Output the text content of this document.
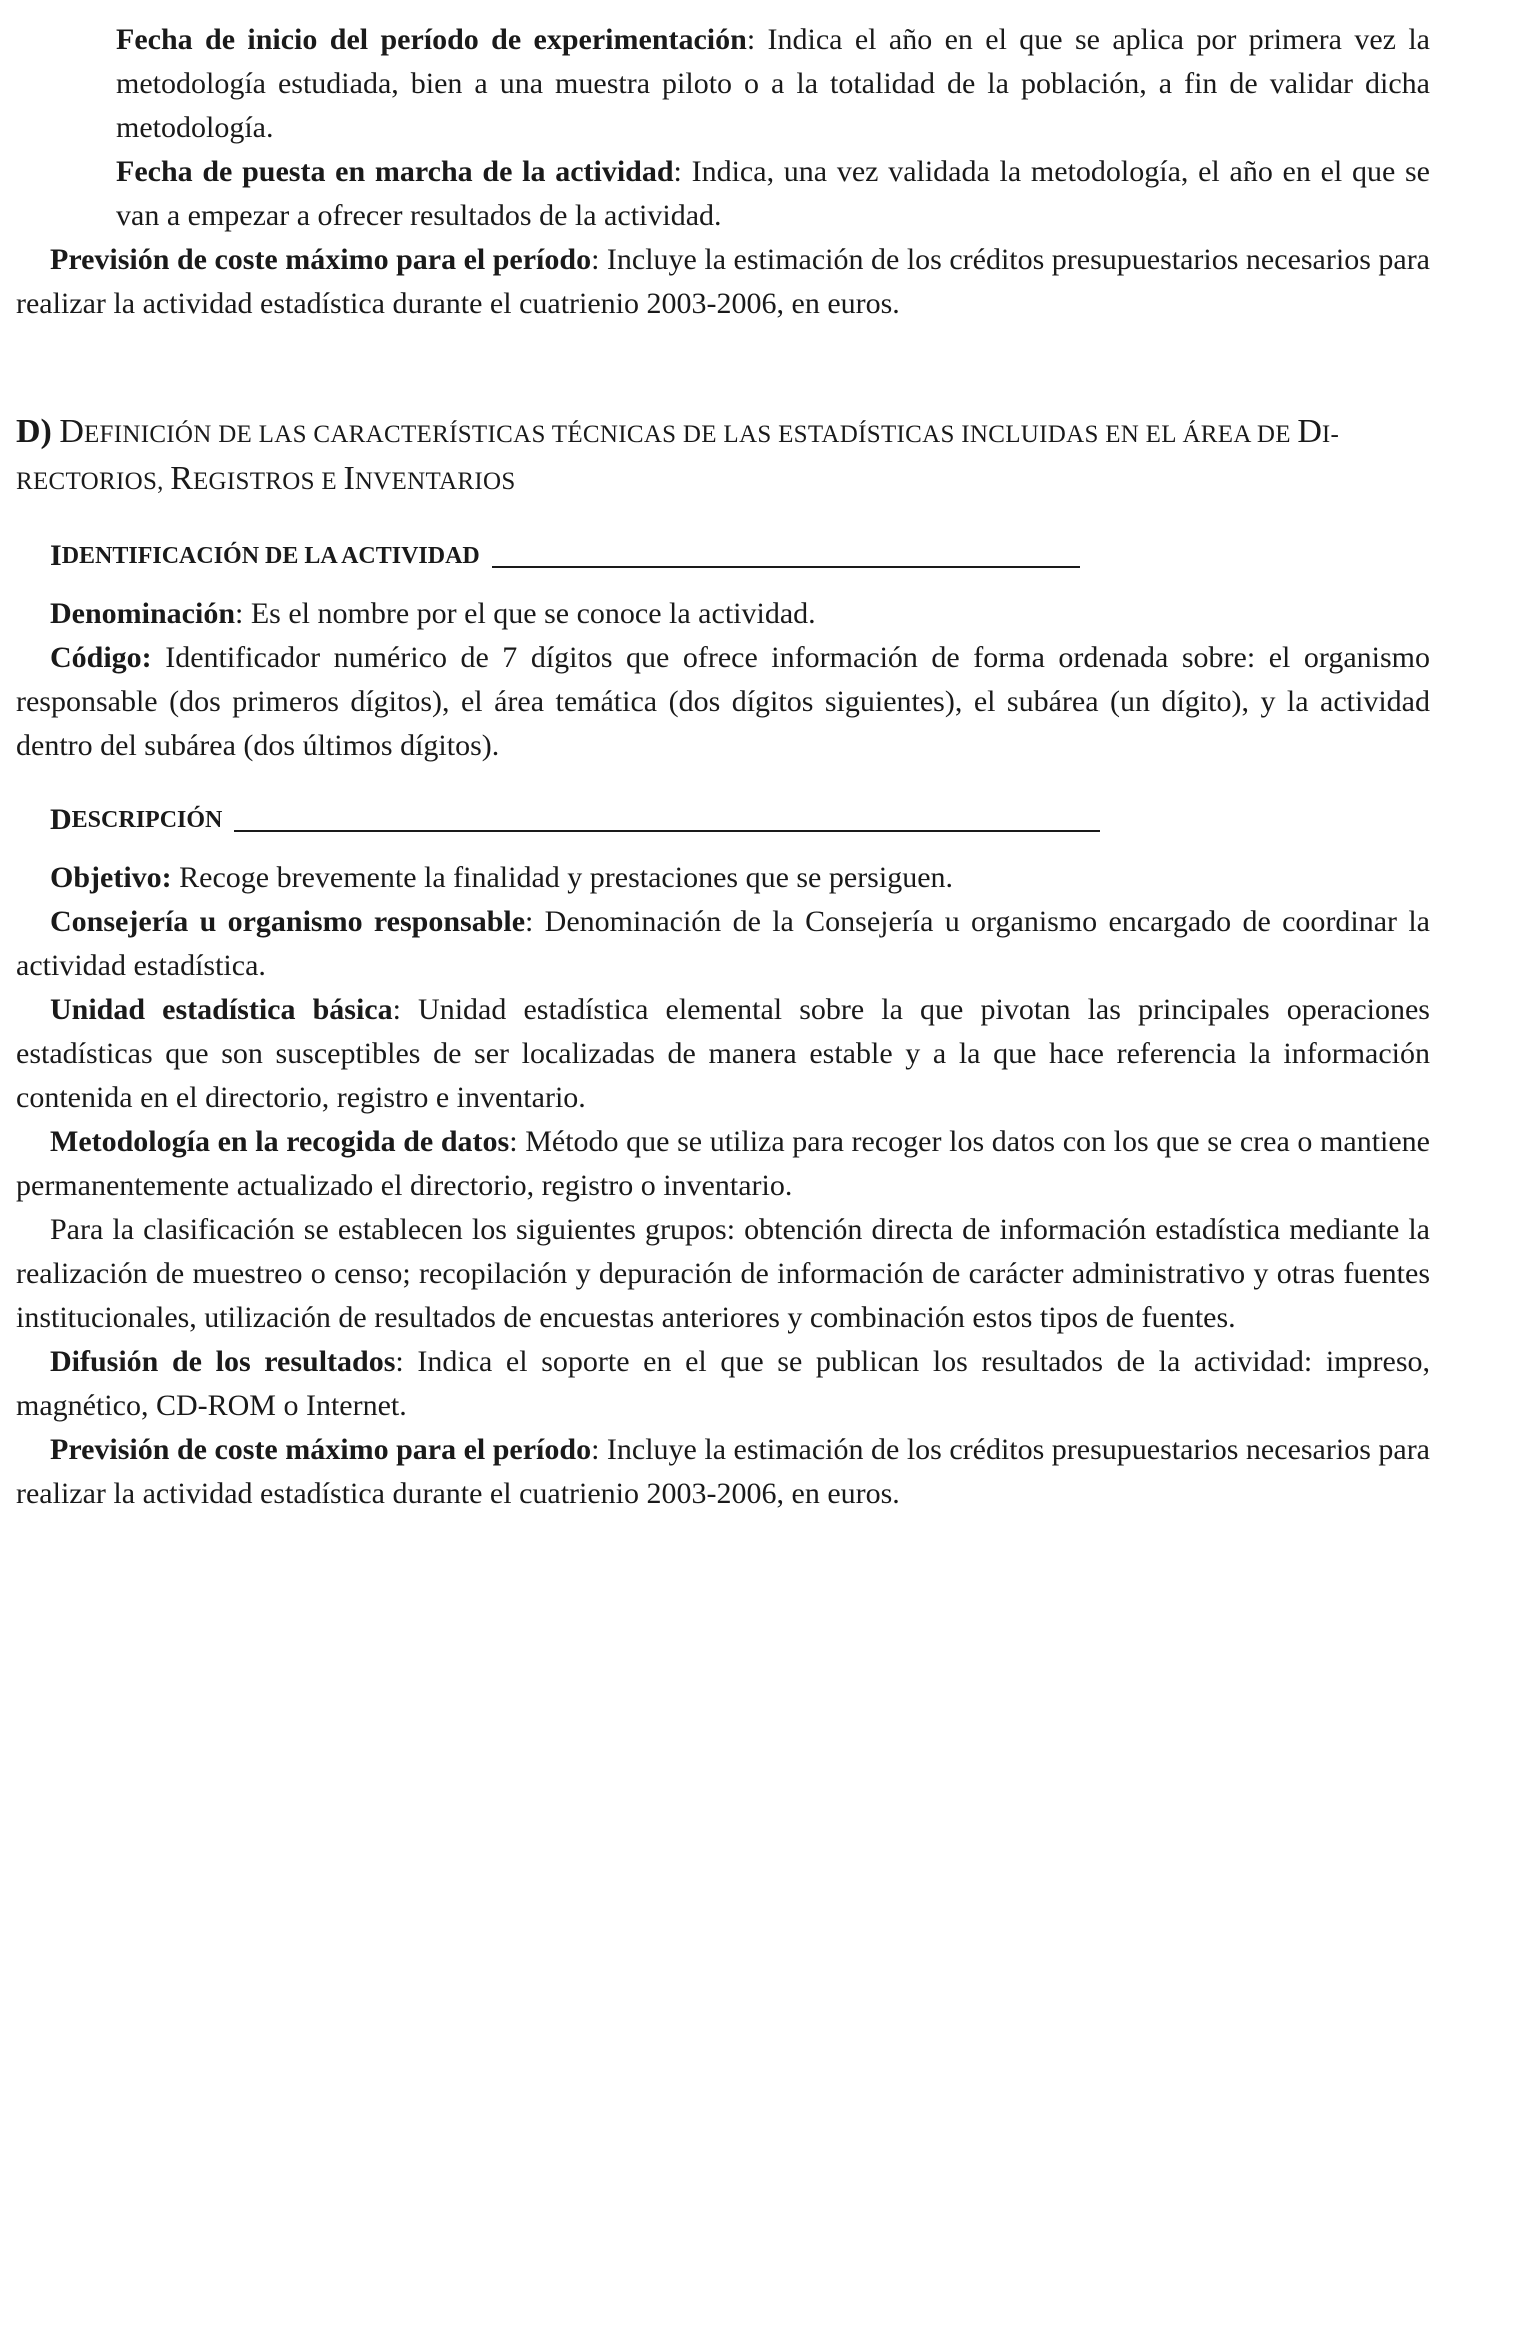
Fecha de inicio del período de experimentación: Indica el año en el que se aplica por primera vez la metodología estudiada, bien a una muestra piloto o a la totalidad de la población, a fin de validar dicha metodología.

Fecha de puesta en marcha de la actividad: Indica, una vez validada la metodología, el año en el que se van a empezar a ofrecer resultados de la actividad.

Previsión de coste máximo para el período: Incluye la estimación de los créditos presupuestarios necesarios para realizar la actividad estadística durante el cuatrienio 2003-2006, en euros.

D) DEFINICIÓN DE LAS CARACTERÍSTICAS TÉCNICAS DE LAS ESTADÍSTICAS INCLUIDAS EN EL ÁREA DE DI-RECTORIOS, REGISTROS E INVENTARIOS

I DENTIFICACIÓN DE LA ACTIVIDAD

Denominación: Es el nombre por el que se conoce la actividad.

Código: Identificador numérico de 7 dígitos que ofrece información de forma ordenada sobre: el organismo responsable (dos primeros dígitos), el área temática (dos dígitos siguientes), el subárea (un dígito), y la actividad dentro del subárea (dos últimos dígitos).

D ESCRIPCIÓN

Objetivo: Recoge brevemente la finalidad y prestaciones que se persiguen.

Consejería u organismo responsable: Denominación de la Consejería u organismo encargado de coordinar la actividad estadística.

Unidad estadística básica: Unidad estadística elemental sobre la que pivotan las principales operaciones estadísticas que son susceptibles de ser localizadas de manera estable y a la que hace referencia la información contenida en el directorio, registro e inventario.

Metodología en la recogida de datos: Método que se utiliza para recoger los datos con los que se crea o mantiene permanentemente actualizado el directorio, registro o inventario.

Para la clasificación se establecen los siguientes grupos: obtención directa de información estadística mediante la realización de muestreo o censo; recopilación y depuración de información de carácter administrativo y otras fuentes institucionales, utilización de resultados de encuestas anteriores y combinación estos tipos de fuentes.

Difusión de los resultados: Indica el soporte en el que se publican los resultados de la actividad: impreso, magnético, CD-ROM o Internet.

Previsión de coste máximo para el período: Incluye la estimación de los créditos presupuestarios necesarios para realizar la actividad estadística durante el cuatrienio 2003-2006, en euros.
